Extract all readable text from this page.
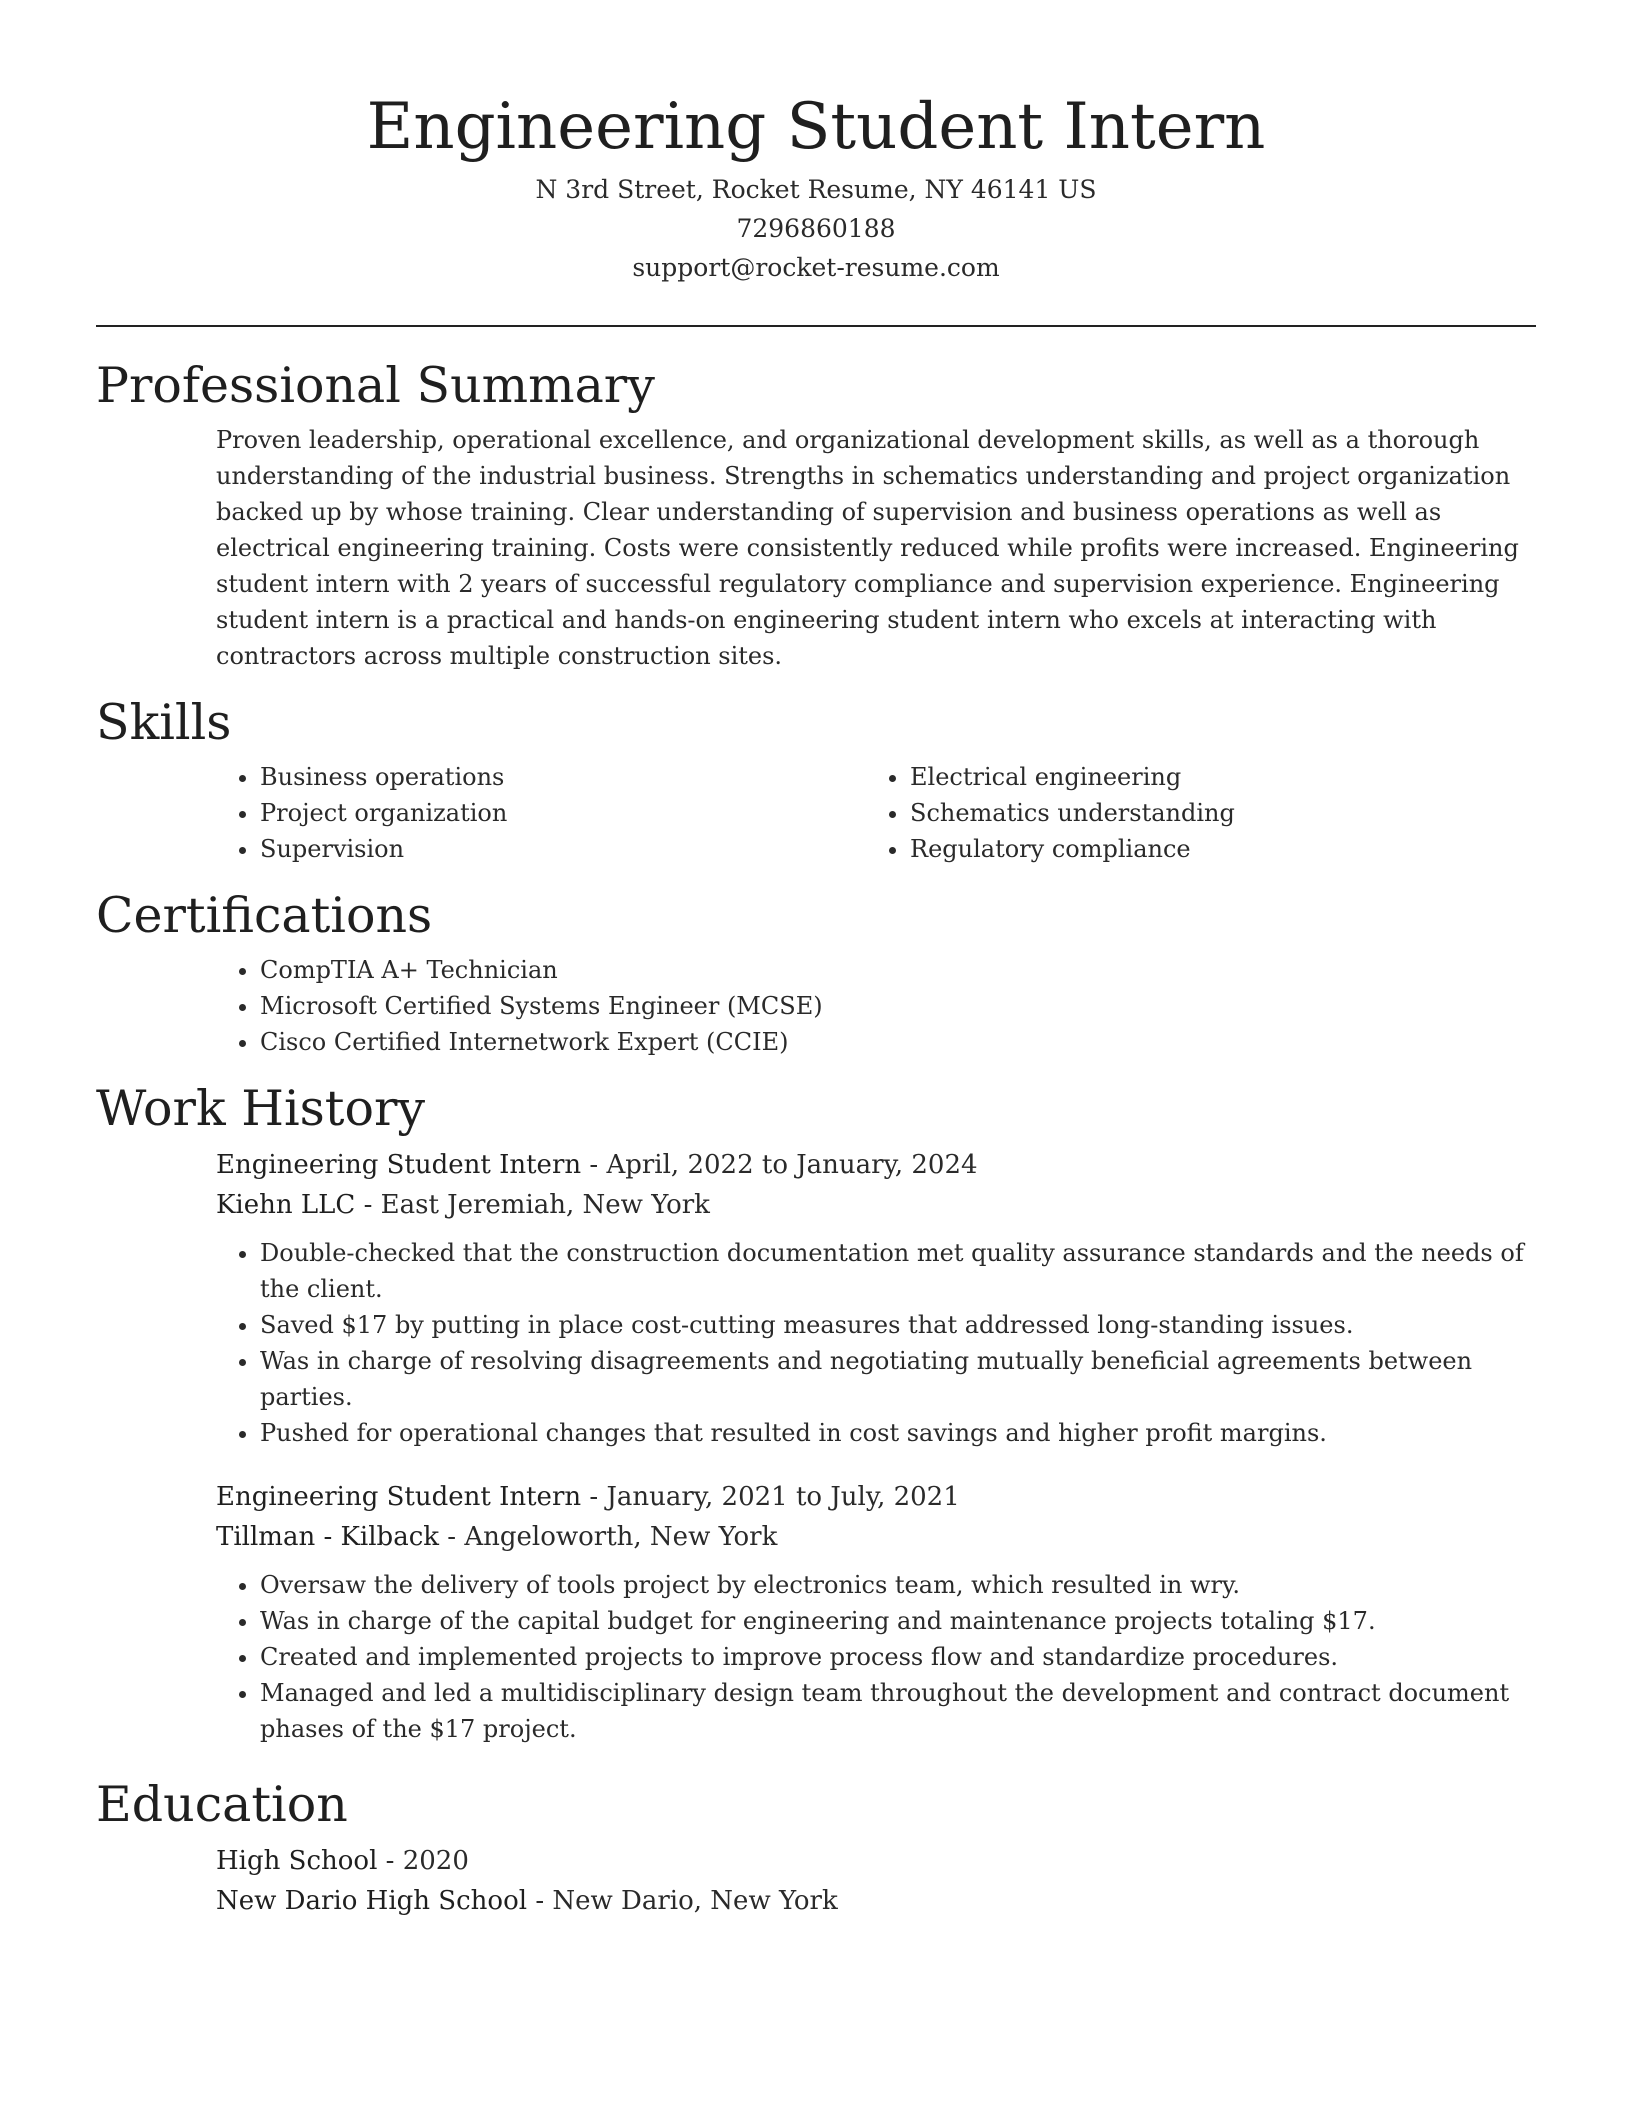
Engineering Student Intern
N 3rd Street, Rocket Resume, NY 46141 US
7296860188
support@rocket-resume.com
Professional Summary

Proven leadership, operational excellence, and organizational development skills, as well as a thorough understanding of the industrial business. Strengths in schematics understanding and project organization backed up by whose training. Clear understanding of supervision and business operations as well as electrical engineering training. Costs were consistently reduced while profits were increased. Engineering student intern with 2 years of successful regulatory compliance and supervision experience. Engineering student intern is a practical and hands-on engineering student intern who excels at interacting with contractors across multiple construction sites.

Skills
• Business operations
• Project organization
• Supervision
• Electrical engineering
• Schematics understanding
• Regulatory compliance
Certifications
• CompTIA A+ Technician
• Microsoft Certified Systems Engineer (MCSE)
• Cisco Certified Internetwork Expert (CCIE)
Work History
Engineering Student Intern - April, 2022 to January, 2024
Kiehn LLC - East Jeremiah, New York
• Double-checked that the construction documentation met quality assurance standards and the needs of the client.
• Saved $17 by putting in place cost-cutting measures that addressed long-standing issues.
• Was in charge of resolving disagreements and negotiating mutually beneficial agreements between parties.
• Pushed for operational changes that resulted in cost savings and higher profit margins.
Engineering Student Intern - January, 2021 to July, 2021
Tillman - Kilback - Angeloworth, New York
• Oversaw the delivery of tools project by electronics team, which resulted in wry.
• Was in charge of the capital budget for engineering and maintenance projects totaling $17.
• Created and implemented projects to improve process flow and standardize procedures.
• Managed and led a multidisciplinary design team throughout the development and contract document phases of the $17 project.
Education
High School - 2020
New Dario High School - New Dario, New York
